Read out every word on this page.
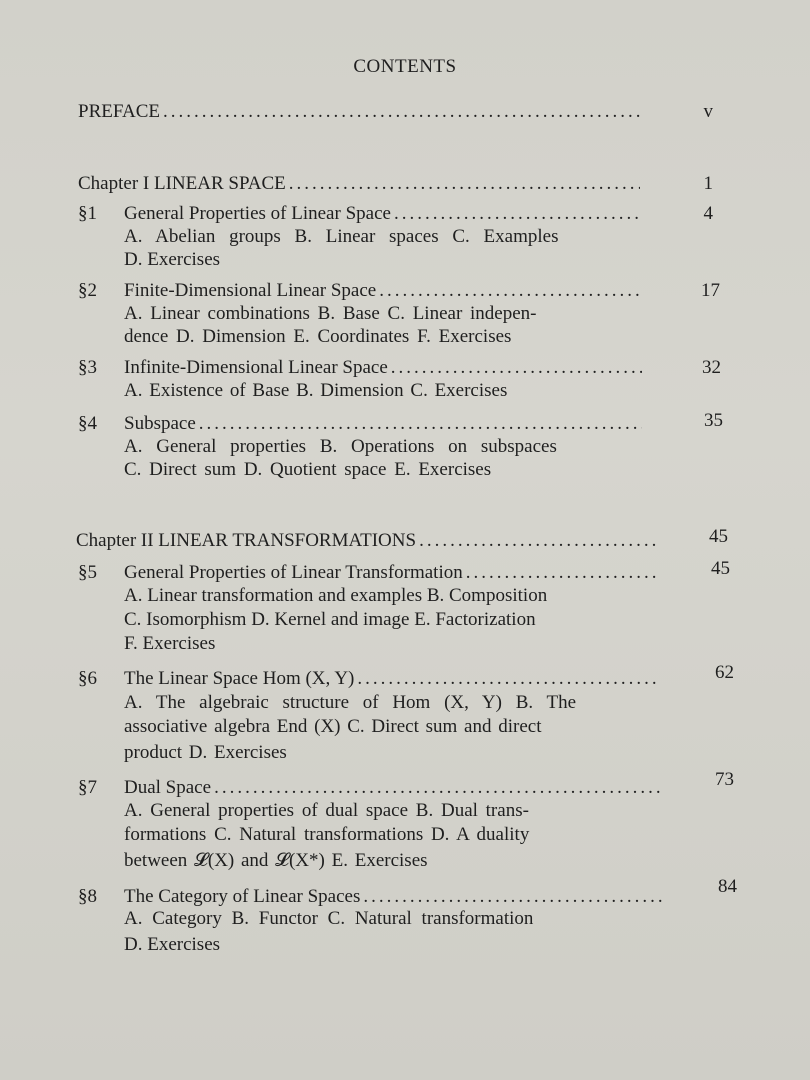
CONTENTS
PREFACE .....	v
Chapter I LINEAR SPACE .....	1
§1 General Properties of Linear Space .....	4
A. Abelian groups B. Linear spaces C. Examples
D. Exercises
§2 Finite-Dimensional Linear Space .....	17
A. Linear combinations B. Base C. Linear indepen-
dence D. Dimension E. Coordinates F. Exercises
§3 Infinite-Dimensional Linear Space .....	32
A. Existence of Base B. Dimension C. Exercises
§4 Subspace .....	35
A. General properties B. Operations on subspaces
C. Direct sum D. Quotient space E. Exercises
Chapter II LINEAR TRANSFORMATIONS .....	45
§5 General Properties of Linear Transformation .....	45
A. Linear transformation and examples B. Composition
C. Isomorphism D. Kernel and image E. Factorization
F. Exercises
§6 The Linear Space Hom (X, Y) .....	62
A. The algebraic structure of Hom (X, Y) B. The
associative algebra End (X) C. Direct sum and direct
product D. Exercises
§7 Dual Space .....	73
A. General properties of dual space B. Dual trans-
formations C. Natural transformations D. A duality
between 𝓛(X) and 𝓛(X*) E. Exercises
§8 The Category of Linear Spaces .....	84
A. Category B. Functor C. Natural transformation
D. Exercises
